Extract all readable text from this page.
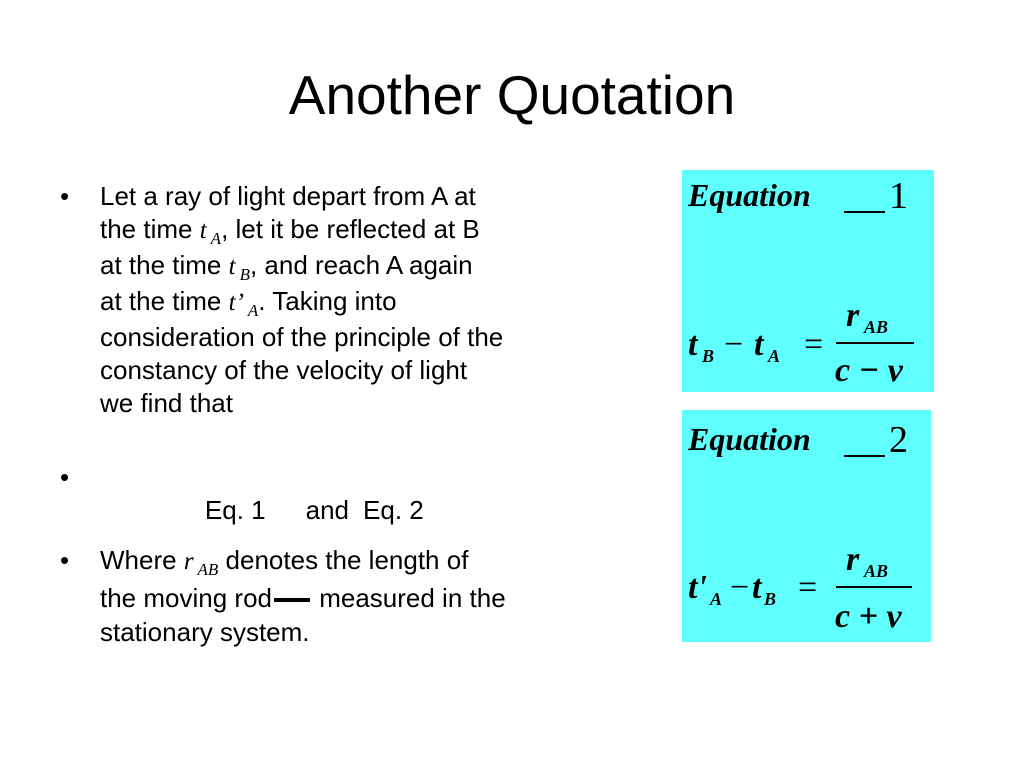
Another Quotation
• Let a ray of light depart from A at
the time t $_A$, let it be reflected at B
at the time t $_B$, and reach A again
at the time t’ $_A$. Taking into
consideration of the principle of the
constancy of the velocity of light
we find that
•

Eq. 1 and Eq. 2

• Where r $_{AB}$ denotes the length of
the moving rod measured in the
stationary system.
Equation 1
t B − t A =
r AB
c − v
Equation 2
t' A − t B =
r AB
c + v
